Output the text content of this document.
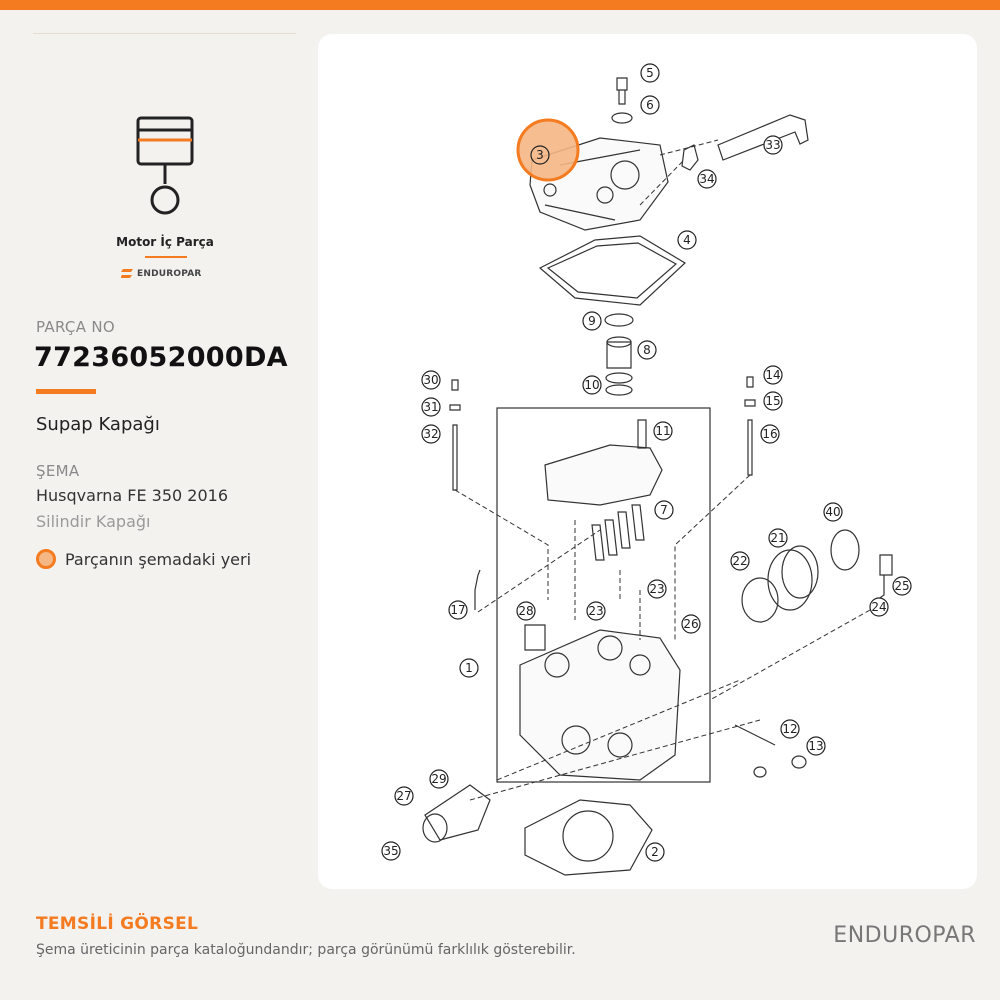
Motor İç Parça
ENDUROPAR
PARÇA NO
77236052000DA
Supap Kapağı
ŞEMA
Husqvarna FE 350 2016
Silindir Kapağı
Parçanın şemadaki yeri
5
6
3
33
34
4
9
8
10
30
31
32
14
15
16
11
7	40
21
22
23	25
24
17	28	23
26
1
12
13
29
27
35	2
TEMSİLİ GÖRSEL
Şema üreticinin parça kataloğundandır; parça görünümü farklılık gösterebilir.
ENDUROPAR
